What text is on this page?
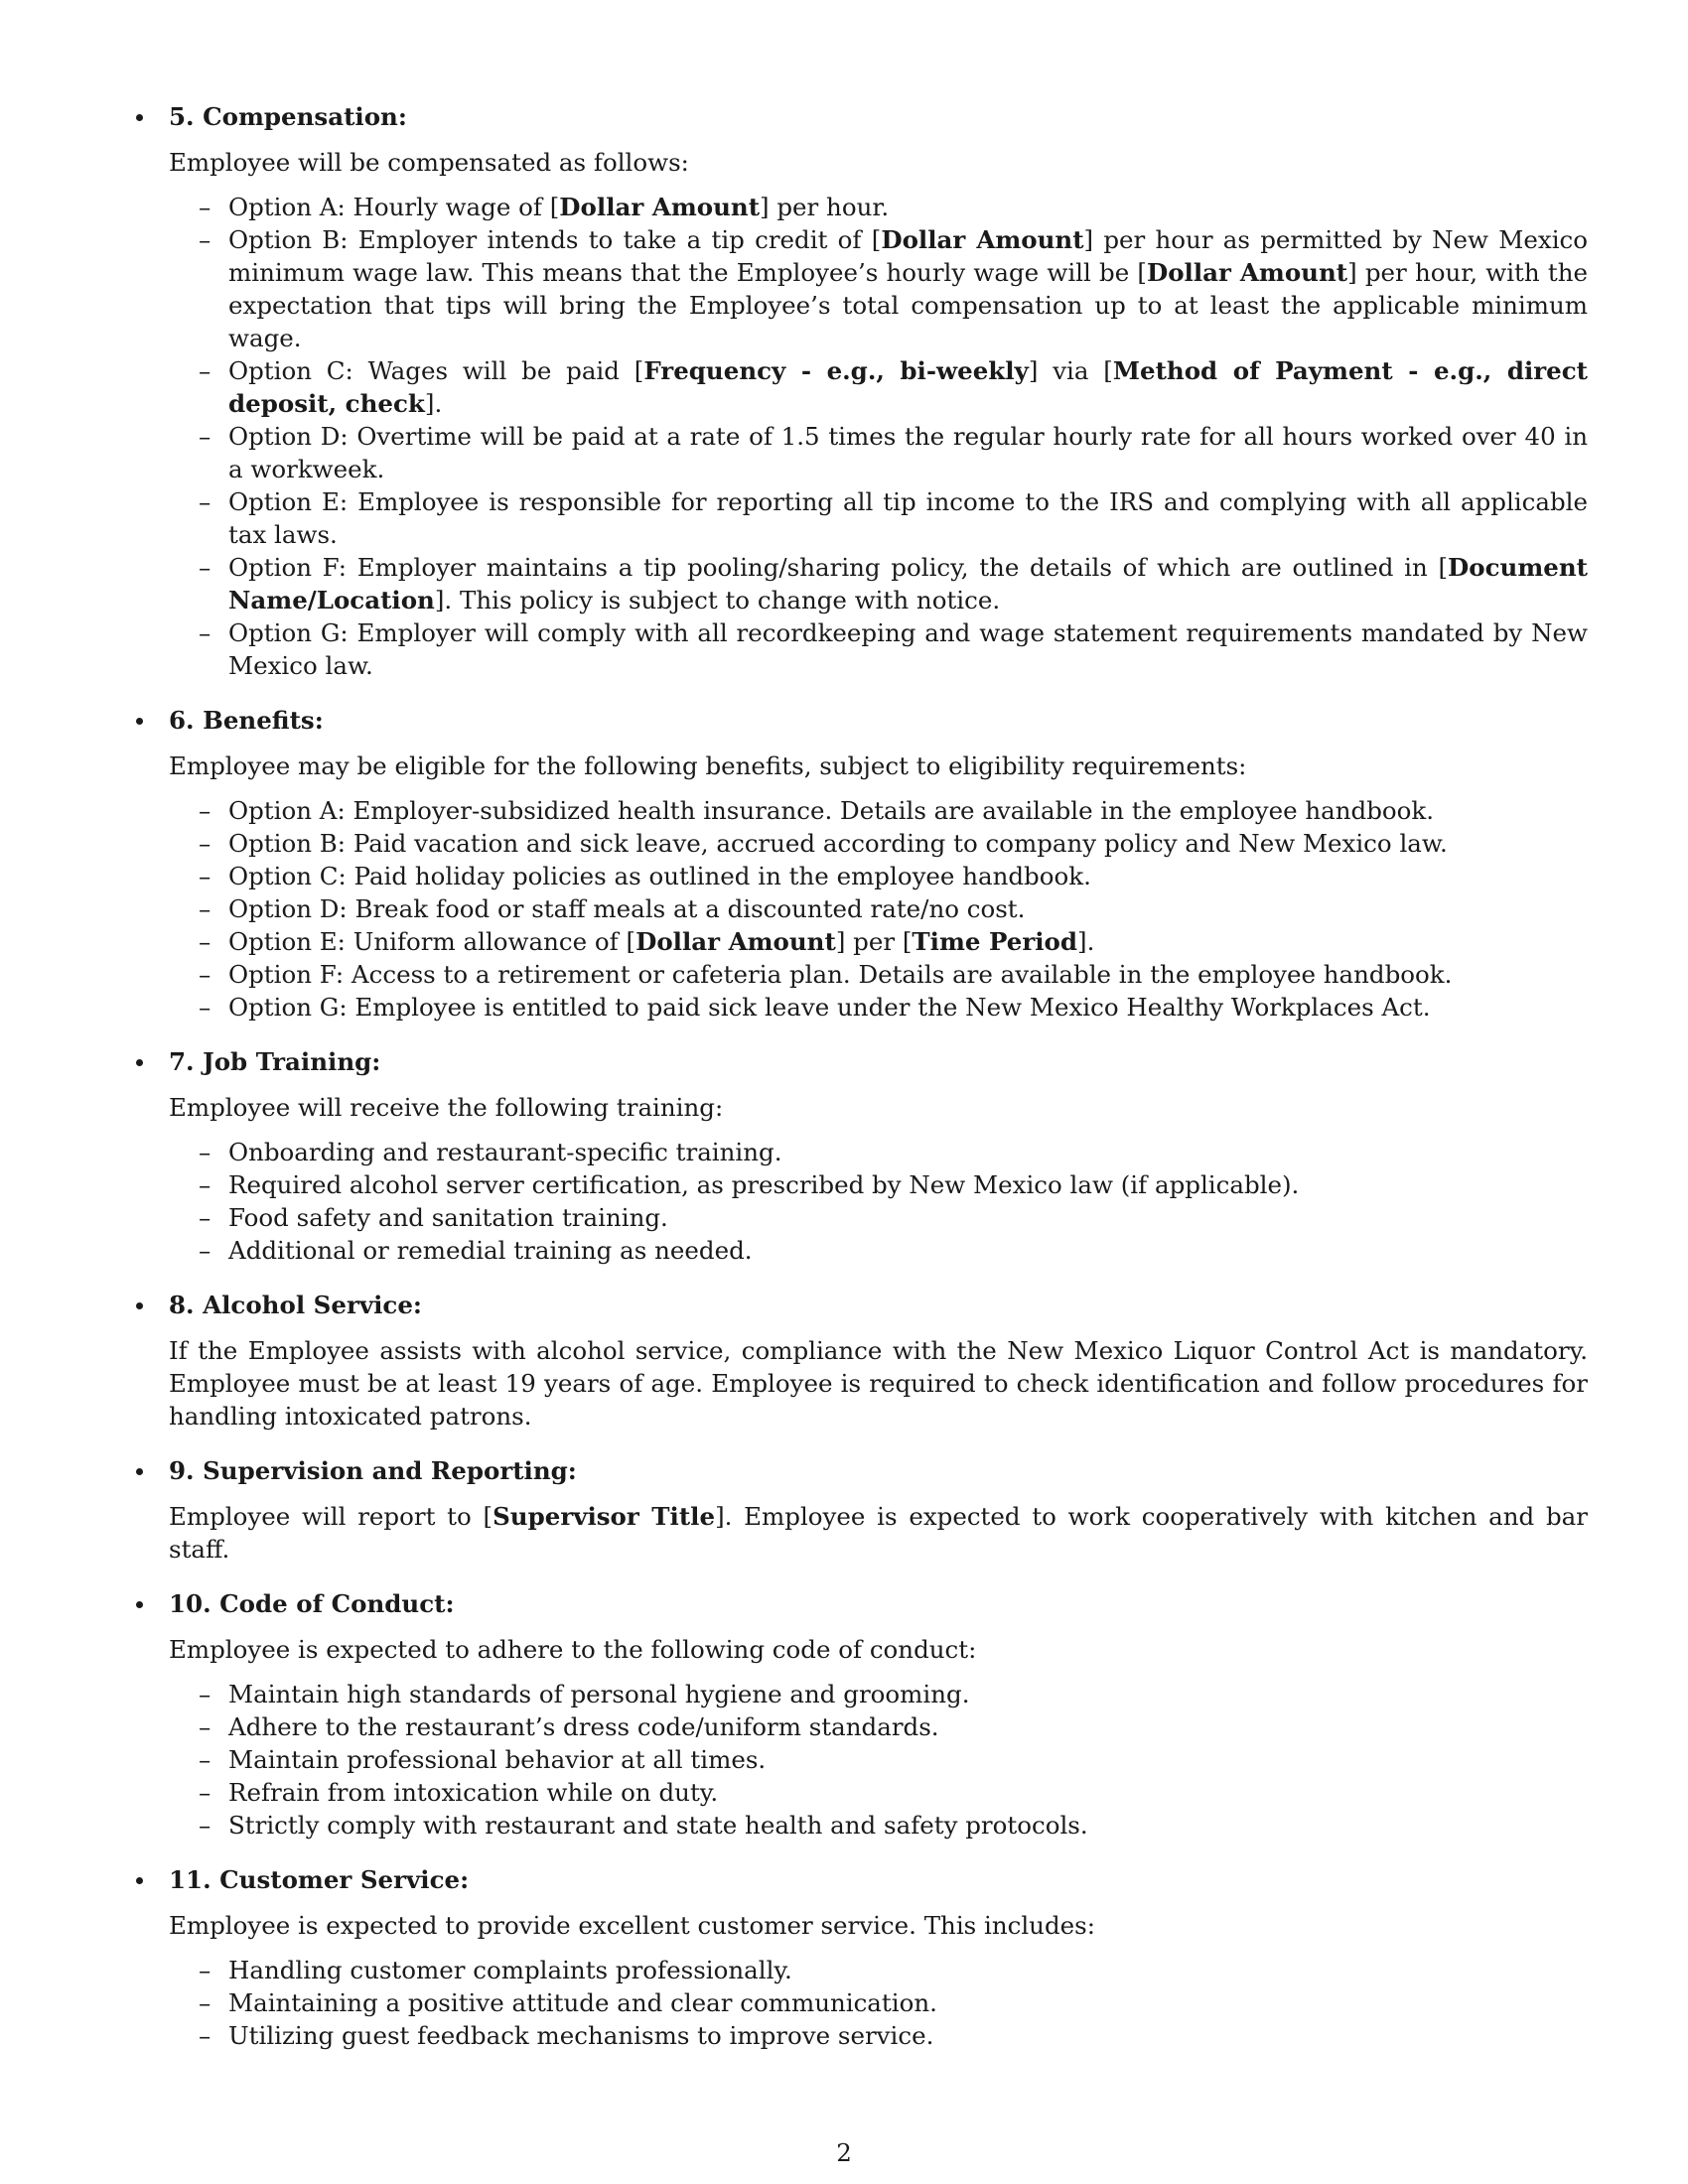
5. Compensation:
Employee will be compensated as follows:
– Option A: Hourly wage of [Dollar Amount] per hour.
– Option B: Employer intends to take a tip credit of [Dollar Amount] per hour as permitted by New Mexico minimum wage law. This means that the Employee’s hourly wage will be [Dollar Amount] per hour, with the expectation that tips will bring the Employee’s total compensation up to at least the applicable minimum wage.
– Option C: Wages will be paid [Frequency - e.g., bi-weekly] via [Method of Payment - e.g., direct deposit, check].
– Option D: Overtime will be paid at a rate of 1.5 times the regular hourly rate for all hours worked over 40 in a workweek.
– Option E: Employee is responsible for reporting all tip income to the IRS and complying with all applicable tax laws.
– Option F: Employer maintains a tip pooling/sharing policy, the details of which are outlined in [Document Name/Location]. This policy is subject to change with notice.
– Option G: Employer will comply with all recordkeeping and wage statement requirements mandated by New Mexico law.
6. Benefits:
Employee may be eligible for the following benefits, subject to eligibility requirements:
– Option A: Employer-subsidized health insurance. Details are available in the employee handbook.
– Option B: Paid vacation and sick leave, accrued according to company policy and New Mexico law.
– Option C: Paid holiday policies as outlined in the employee handbook.
– Option D: Break food or staff meals at a discounted rate/no cost.
– Option E: Uniform allowance of [Dollar Amount] per [Time Period].
– Option F: Access to a retirement or cafeteria plan. Details are available in the employee handbook.
– Option G: Employee is entitled to paid sick leave under the New Mexico Healthy Workplaces Act.
7. Job Training:
Employee will receive the following training:
– Onboarding and restaurant-specific training.
– Required alcohol server certification, as prescribed by New Mexico law (if applicable).
– Food safety and sanitation training.
– Additional or remedial training as needed.
8. Alcohol Service:
If the Employee assists with alcohol service, compliance with the New Mexico Liquor Control Act is mandatory. Employee must be at least 19 years of age. Employee is required to check identification and follow procedures for handling intoxicated patrons.
9. Supervision and Reporting:
Employee will report to [Supervisor Title]. Employee is expected to work cooperatively with kitchen and bar staff.
10. Code of Conduct:
Employee is expected to adhere to the following code of conduct:
– Maintain high standards of personal hygiene and grooming.
– Adhere to the restaurant’s dress code/uniform standards.
– Maintain professional behavior at all times.
– Refrain from intoxication while on duty.
– Strictly comply with restaurant and state health and safety protocols.
11. Customer Service:
Employee is expected to provide excellent customer service. This includes:
– Handling customer complaints professionally.
– Maintaining a positive attitude and clear communication.
– Utilizing guest feedback mechanisms to improve service.
2
